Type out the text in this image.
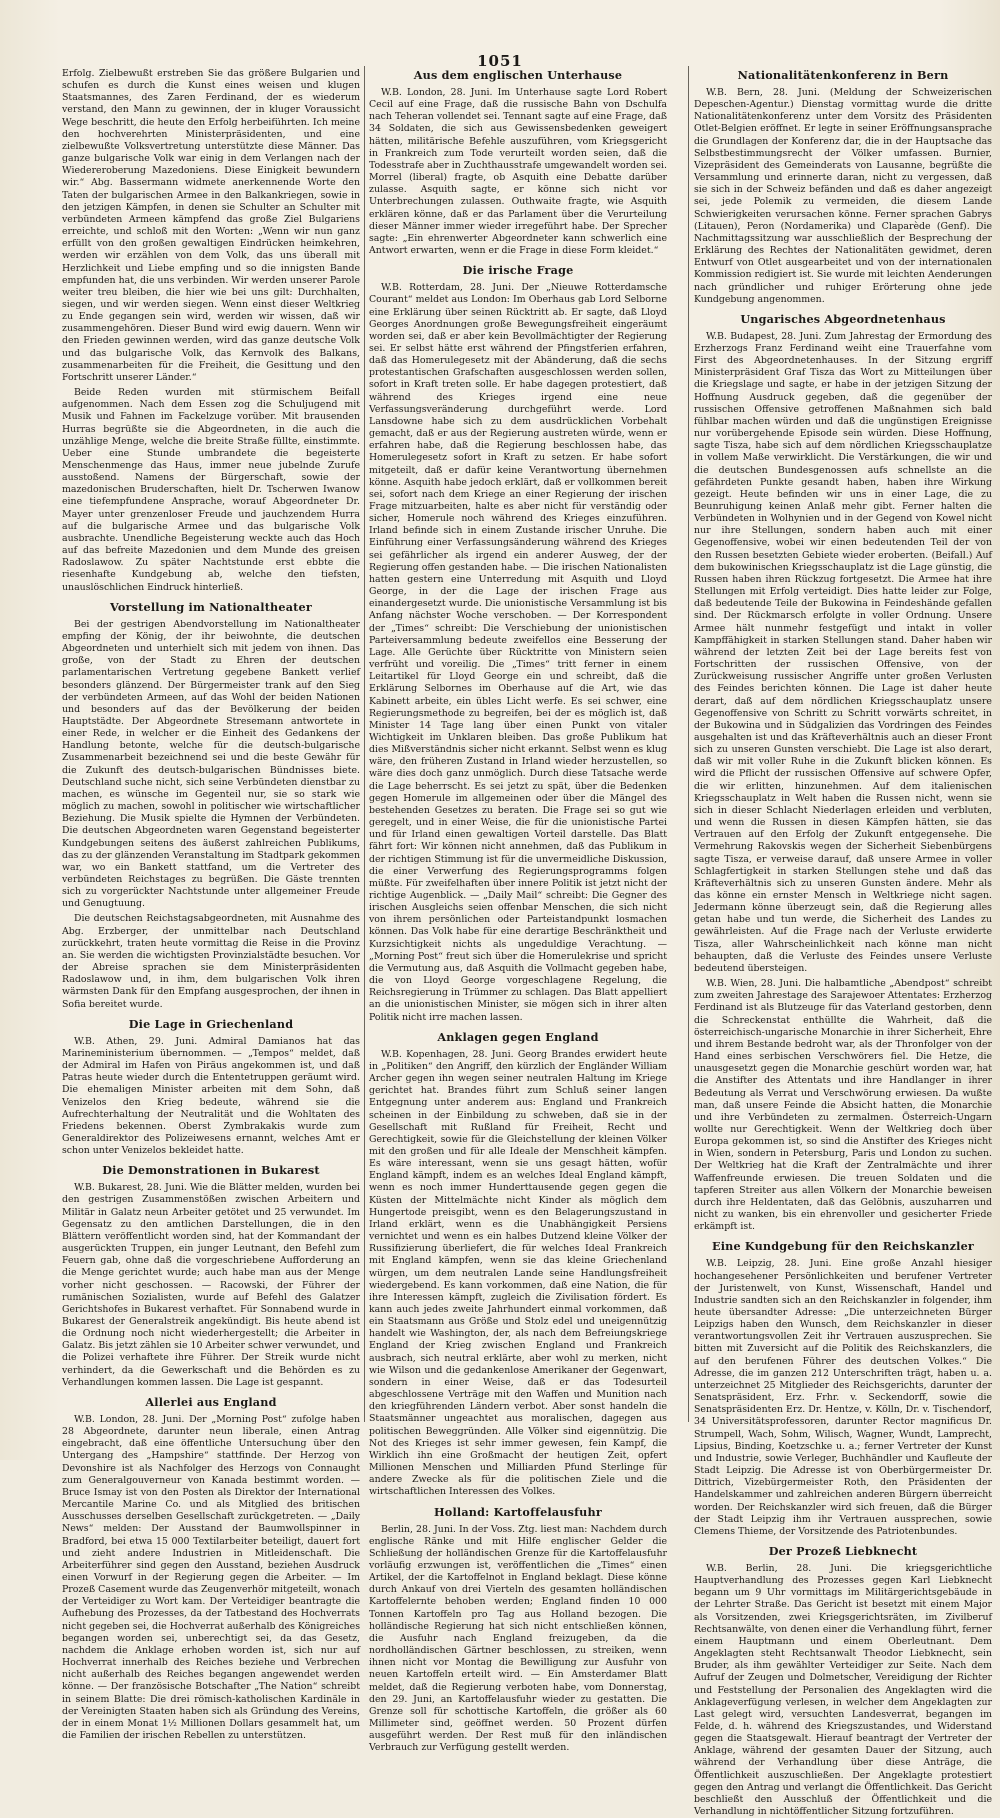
1051

Erfolg. Zielbewußt erstreben Sie das größere Bulgarien und schufen es durch die Kunst eines weisen und klugen Staatsmannes, des Zaren Ferdinand, der es wiederum verstand, den Mann zu gewinnen, der in kluger Voraussicht Wege beschritt, die heute den Erfolg herbeiführten. Ich meine den hochverehrten Ministerpräsidenten, und eine zielbewußte Volksvertretung unterstützte diese Männer. Das ganze bulgarische Volk war einig in dem Verlangen nach der Wiedereroberung Mazedoniens. Diese Einigkeit bewundern wir.“ Abg. Bassermann widmete anerkennende Worte den Taten der bulgarischen Armee in den Balkankriegen, sowie in den jetzigen Kämpfen, in denen sie Schulter an Schulter mit verbündeten Armeen kämpfend das große Ziel Bulgariens erreichte, und schloß mit den Worten: „Wenn wir nun ganz erfüllt von den großen gewaltigen Eindrücken heimkehren, werden wir erzählen von dem Volk, das uns überall mit Herzlichkeit und Liebe empfing und so die innigsten Bande empfunden hat, die uns verbinden. Wir werden unserer Parole weiter treu bleiben, die hier wie bei uns gilt: Durchhalten, siegen, und wir werden siegen. Wenn einst dieser Weltkrieg zu Ende gegangen sein wird, werden wir wissen, daß wir zusammengehören. Dieser Bund wird ewig dauern. Wenn wir den Frieden gewinnen werden, wird das ganze deutsche Volk und das bulgarische Volk, das Kernvolk des Balkans, zusammenarbeiten für die Freiheit, die Gesittung und den Fortschritt unserer Länder.“

Beide Reden wurden mit stürmischem Beifall aufgenommen. Nach dem Essen zog die Schuljugend mit Musik und Fahnen im Fackelzuge vorüber. Mit brausenden Hurras begrüßte sie die Abgeordneten, in die auch die unzählige Menge, welche die breite Straße füllte, einstimmte. Ueber eine Stunde umbrandete die begeisterte Menschenmenge das Haus, immer neue jubelnde Zurufe ausstoßend. Namens der Bürgerschaft, sowie der mazedonischen Bruderschaften, hielt Dr. Tscherwen Iwanow eine tiefempfundene Ansprache, worauf Abgeordneter Dr. Mayer unter grenzenloser Freude und jauchzendem Hurra auf die bulgarische Armee und das bulgarische Volk ausbrachte. Unendliche Begeisterung weckte auch das Hoch auf das befreite Mazedonien und dem Munde des greisen Radoslawow. Zu später Nachtstunde erst ebbte die riesenhafte Kundgebung ab, welche den tiefsten, unauslöschlichen Eindruck hinterließ.

Vorstellung im Nationaltheater

Bei der gestrigen Abendvorstellung im Nationaltheater empfing der König, der ihr beiwohnte, die deutschen Abgeordneten und unterhielt sich mit jedem von ihnen. Das große, von der Stadt zu Ehren der deutschen parlamentarischen Vertretung gegebene Bankett verlief besonders glänzend. Der Bürgermeister trank auf den Sieg der verbündeten Armeen, auf das Wohl der beiden Nationen und besonders auf das der Bevölkerung der beiden Hauptstädte. Der Abgeordnete Stresemann antwortete in einer Rede, in welcher er die Einheit des Gedankens der Handlung betonte, welche für die deutsch-bulgarische Zusammenarbeit bezeichnend sei und die beste Gewähr für die Zukunft des deutsch-bulgarischen Bündnisses biete. Deutschland suche nicht, sich seine Verbündeten dienstbar zu machen, es wünsche im Gegenteil nur, sie so stark wie möglich zu machen, sowohl in politischer wie wirtschaftlicher Beziehung. Die Musik spielte die Hymnen der Verbündeten. Die deutschen Abgeordneten waren Gegenstand begeisterter Kundgebungen seitens des äußerst zahlreichen Publikums, das zu der glänzenden Veranstaltung im Stadtpark gekommen war, wo ein Bankett stattfand, um die Vertreter des verbündeten Reichstages zu begrüßen. Die Gäste trennten sich zu vorgerückter Nachtstunde unter allgemeiner Freude und Genugtuung.

Die deutschen Reichstagsabgeordneten, mit Ausnahme des Abg. Erzberger, der unmittelbar nach Deutschland zurückkehrt, traten heute vormittag die Reise in die Provinz an. Sie werden die wichtigsten Provinzialstädte besuchen. Vor der Abreise sprachen sie dem Ministerpräsidenten Radoslawow und, in ihm, dem bulgarischen Volk ihren wärmsten Dank für den Empfang ausgesprochen, der ihnen in Sofia bereitet wurde.

Die Lage in Griechenland

W.B. Athen, 29. Juni. Admiral Damianos hat das Marineministerium übernommen. — „Tempos“ meldet, daß der Admiral im Hafen von Piräus angekommen ist, und daß Patras heute wieder durch die Ententetruppen geräumt wird. Die ehemaligen Minister arbeiten mit dem Sohn, daß Venizelos den Krieg bedeute, während sie die Aufrechterhaltung der Neutralität und die Wohltaten des Friedens bekennen. Oberst Zymbrakakis wurde zum Generaldirektor des Polizeiwesens ernannt, welches Amt er schon unter Venizelos bekleidet hatte.

Die Demonstrationen in Bukarest

W.B. Bukarest, 28. Juni. Wie die Blätter melden, wurden bei den gestrigen Zusammenstößen zwischen Arbeitern und Militär in Galatz neun Arbeiter getötet und 25 verwundet. Im Gegensatz zu den amtlichen Darstellungen, die in den Blättern veröffentlicht worden sind, hat der Kommandant der ausgerückten Truppen, ein junger Leutnant, den Befehl zum Feuern gab, ohne daß die vorgeschriebene Aufforderung an die Menge gerichtet wurde; auch habe man aus der Menge vorher nicht geschossen. — Racowski, der Führer der rumänischen Sozialisten, wurde auf Befehl des Galatzer Gerichtshofes in Bukarest verhaftet. Für Sonnabend wurde in Bukarest der Generalstreik angekündigt. Bis heute abend ist die Ordnung noch nicht wiederhergestellt; die Arbeiter in Galatz. Bis jetzt zählen sie 10 Arbeiter schwer verwundet, und die Polizei verhaftete ihre Führer. Der Streik wurde nicht verhindert, da die Gewerkschaft und die Behörden es zu Verhandlungen kommen lassen. Die Lage ist gespannt.

Allerlei aus England

W.B. London, 28. Juni. Der „Morning Post“ zufolge haben 28 Abgeordnete, darunter neun liberale, einen Antrag eingebracht, daß eine öffentliche Untersuchung über den Untergang des „Hampshire“ stattfinde. Der Herzog von Devonshire ist als Nachfolger des Herzogs von Connaught zum Generalgouverneur von Kanada bestimmt worden. — Bruce Ismay ist von den Posten als Direktor der International Mercantile Marine Co. und als Mitglied des britischen Ausschusses derselben Gesellschaft zurückgetreten. — „Daily News“ melden: Der Ausstand der Baumwollspinner in Bradford, bei etwa 15 000 Textilarbeiter beteiligt, dauert fort und zieht andere Industrien in Mitleidenschaft. Die Arbeiterführer sind gegen den Ausstand, beziehen Ausdruck einen Vorwurf in der Regierung gegen die Arbeiter. — Im Prozeß Casement wurde das Zeugenverhör mitgeteilt, wonach der Verteidiger zu Wort kam. Der Verteidiger beantragte die Aufhebung des Prozesses, da der Tatbestand des Hochverrats nicht gegeben sei, die Hochverrat außerhalb des Königreiches begangen worden sei, unberechtigt sei, da das Gesetz, nachdem die Anklage erhoben worden ist, sich nur auf Hochverrat innerhalb des Reiches beziehe und Verbrechen nicht außerhalb des Reiches begangen angewendet werden könne. — Der französische Botschafter „The Nation“ schreibt in seinem Blatte: Die drei römisch-katholischen Kardinäle in der Vereinigten Staaten haben sich als Gründung des Vereins, der in einem Monat 1½ Millionen Dollars gesammelt hat, um die Familien der irischen Rebellen zu unterstützen.

Aus dem englischen Unterhause

W.B. London, 28. Juni. Im Unterhause sagte Lord Robert Cecil auf eine Frage, daß die russische Bahn von Dschulfa nach Teheran vollendet sei. Tennant sagte auf eine Frage, daß 34 Soldaten, die sich aus Gewissensbedenken geweigert hätten, militärische Befehle auszuführen, vom Kriegsgericht in Frankreich zum Tode verurteilt worden seien, daß die Todesstrafe aber in Zuchthausstrafe umgewandelt worden sei. Morrel (liberal) fragte, ob Asquith eine Debatte darüber zulasse. Asquith sagte, er könne sich nicht vor Unterbrechungen zulassen. Outhwaite fragte, wie Asquith erklären könne, daß er das Parlament über die Verurteilung dieser Männer immer wieder irregeführt habe. Der Sprecher sagte: „Ein ehrenwerter Abgeordneter kann schwerlich eine Antwort erwarten, wenn er die Frage in diese Form kleidet.“

Die irische Frage

W.B. Rotterdam, 28. Juni. Der „Nieuwe Rotterdamsche Courant“ meldet aus London: Im Oberhaus gab Lord Selborne eine Erklärung über seinen Rücktritt ab. Er sagte, daß Lloyd Georges Anordnungen große Bewegungsfreiheit eingeräumt worden sei, daß er aber kein Bevollmächtigter der Regierung sei. Er selbst hätte erst während der Pfingstferien erfahren, daß das Homerulegesetz mit der Abänderung, daß die sechs protestantischen Grafschaften ausgeschlossen werden sollen, sofort in Kraft treten solle. Er habe dagegen protestiert, daß während des Krieges irgend eine neue Verfassungsveränderung durchgeführt werde. Lord Lansdowne habe sich zu dem ausdrücklichen Vorbehalt gemacht, daß er aus der Regierung austreten würde, wenn er erfahren habe, daß die Regierung beschlossen habe, das Homerulegesetz sofort in Kraft zu setzen. Er habe sofort mitgeteilt, daß er dafür keine Verantwortung übernehmen könne. Asquith habe jedoch erklärt, daß er vollkommen bereit sei, sofort nach dem Kriege an einer Regierung der irischen Frage mitzuarbeiten, halte es aber nicht für verständig oder sicher, Homerule noch während des Krieges einzuführen. Irland befinde sich in einem Zustande irischer Unruhe. Die Einführung einer Verfassungsänderung während des Krieges sei gefährlicher als irgend ein anderer Ausweg, der der Regierung offen gestanden habe. — Die irischen Nationalisten hatten gestern eine Unterredung mit Asquith und Lloyd George, in der die Lage der irischen Frage aus einandergesetzt wurde. Die unionistische Versammlung ist bis Anfang nächster Woche verschoben. — Der Korrespondent der „Times“ schreibt: Die Verschiebung der unionistischen Parteiversammlung bedeute zweifellos eine Besserung der Lage. Alle Gerüchte über Rücktritte von Ministern seien verfrüht und voreilig. Die „Times“ tritt ferner in einem Leitartikel für Lloyd George ein und schreibt, daß die Erklärung Selbornes im Oberhause auf die Art, wie das Kabinett arbeite, ein übles Licht werfe. Es sei schwer, eine Regierungsmethode zu begreifen, bei der es möglich ist, daß Minister 14 Tage lang über einen Punkt von vitaler Wichtigkeit im Unklaren bleiben. Das große Publikum hat dies Mißverständnis sicher nicht erkannt. Selbst wenn es klug wäre, den früheren Zustand in Irland wieder herzustellen, so wäre dies doch ganz unmöglich. Durch diese Tatsache werde die Lage beherrscht. Es sei jetzt zu spät, über die Bedenken gegen Homerule im allgemeinen oder über die Mängel des bestehenden Gesetzes zu beraten. Die Frage sei so gut wie geregelt, und in einer Weise, die für die unionistische Partei und für Irland einen gewaltigen Vorteil darstelle. Das Blatt fährt fort: Wir können nicht annehmen, daß das Publikum in der richtigen Stimmung ist für die unvermeidliche Diskussion, die einer Verwerfung des Regierungsprogramms folgen müßte. Für zweifelhaften über innere Politik ist jetzt nicht der richtige Augenblick. — „Daily Mail“ schreibt: Die Gegner des irischen Ausgleichs seien offenbar Menschen, die sich nicht von ihrem persönlichen oder Parteistandpunkt losmachen können. Das Volk habe für eine derartige Beschränktheit und Kurzsichtigkeit nichts als ungeduldige Verachtung. — „Morning Post“ freut sich über die Homerulekrise und spricht die Vermutung aus, daß Asquith die Vollmacht gegeben habe, die von Lloyd George vorgeschlagene Regelung, die Reichsregierung in Trümmer zu schlagen. Das Blatt appelliert an die unionistischen Minister, sie mögen sich in ihrer alten Politik nicht irre machen lassen.

Anklagen gegen England

W.B. Kopenhagen, 28. Juni. Georg Brandes erwidert heute in „Politiken“ den Angriff, den kürzlich der Engländer William Archer gegen ihn wegen seiner neutralen Haltung im Kriege gerichtet hat. Brandes führt zum Schluß seiner langen Entgegnung unter anderem aus: England und Frankreich scheinen in der Einbildung zu schweben, daß sie in der Gesellschaft mit Rußland für Freiheit, Recht und Gerechtigkeit, sowie für die Gleichstellung der kleinen Völker mit den großen und für alle Ideale der Menschheit kämpfen. Es wäre interessant, wenn sie uns gesagt hätten, wofür England kämpft, indem es an welches Ideal England kämpft, wenn es noch immer Hunderttausende gegen gegen die Küsten der Mittelmächte nicht Kinder als möglich dem Hungertode preisgibt, wenn es den Belagerungszustand in Irland erklärt, wenn es die Unabhängigkeit Persiens vernichtet und wenn es ein halbes Dutzend kleine Völker der Russifizierung überliefert, die für welches Ideal Frankreich mit England kämpfen, wenn sie das kleine Griechenland würgen, um dem neutralen Lande seine Handlungsfreiheit wiedergebend. Es kann vorkommen, daß eine Nation, die für ihre Interessen kämpft, zugleich die Zivilisation fördert. Es kann auch jedes zweite Jahrhundert einmal vorkommen, daß ein Staatsmann aus Größe und Stolz edel und uneigennützig handelt wie Washington, der, als nach dem Befreiungskriege England der Krieg zwischen England und Frankreich ausbrach, sich neutral erklärte, aber wohl zu merken, nicht wie Wilson und die gedankenlose Amerikaner der Gegenwart, sondern in einer Weise, daß er das Todesurteil abgeschlossene Verträge mit den Waffen und Munition nach den kriegführenden Ländern verbot. Aber sonst handeln die Staatsmänner ungeachtet aus moralischen, dagegen aus politischen Beweggründen. Alle Völker sind eigennützig. Die Not des Krieges ist sehr immer gewesen, fein Kampf, die Wirklich ihn eine Großmacht der heutigen Zeit, opfert Millionen Menschen und Milliarden Pfund Sterlinge für andere Zwecke als für die politischen Ziele und die wirtschaftlichen Interessen des Volkes.

Holland: Kartoffelausfuhr

Berlin, 28. Juni. In der Voss. Ztg. liest man: Nachdem durch englische Ränke und mit Hilfe englischer Gelder die Schließung der holländischen Grenze für die Kartoffelausfuhr vorläufig erzwungen ist, veröffentlichen die „Times“ einen Artikel, der die Kartoffelnot in England beklagt. Diese könne durch Ankauf von drei Vierteln des gesamten holländischen Kartoffelernte behoben werden; England finden 10 000 Tonnen Kartoffeln pro Tag aus Holland bezogen. Die holländische Regierung hat sich nicht entschließen können, die Ausfuhr nach England freizugeben, da die nordholländischen Gärtner beschlossen, zu streiken, wenn ihnen nicht vor Montag die Bewilligung zur Ausfuhr von neuen Kartoffeln erteilt wird. — Ein Amsterdamer Blatt meldet, daß die Regierung verboten habe, vom Donnerstag, den 29. Juni, an Kartoffelausfuhr wieder zu gestatten. Die Grenze soll für schottische Kartoffeln, die größer als 60 Millimeter sind, geöffnet werden. 50 Prozent dürfen ausgeführt werden. Der Rest muß für den inländischen Verbrauch zur Verfügung gestellt werden.

Nationalitätenkonferenz in Bern

W.B. Bern, 28. Juni. (Meldung der Schweizerischen Depeschen-Agentur.) Dienstag vormittag wurde die dritte Nationalitätenkonferenz unter dem Vorsitz des Präsidenten Otlet-Belgien eröffnet. Er legte in seiner Eröffnungsansprache die Grundlagen der Konferenz dar, die in der Hauptsache das Selbstbestimmungsrecht der Völker umfassen. Burnier, Vizepräsident des Gemeinderats von Lausanne, begrüßte die Versammlung und erinnerte daran, nicht zu vergessen, daß sie sich in der Schweiz befänden und daß es daher angezeigt sei, jede Polemik zu vermeiden, die diesem Lande Schwierigkeiten verursachen könne. Ferner sprachen Gabrys (Litauen), Peron (Nordamerika) und Claparède (Genf). Die Nachmittagssitzung war ausschließlich der Besprechung der Erklärung des Rechtes der Nationalitäten gewidmet, deren Entwurf von Otlet ausgearbeitet und von der internationalen Kommission redigiert ist. Sie wurde mit leichten Aenderungen nach gründlicher und ruhiger Erörterung ohne jede Kundgebung angenommen.

Ungarisches Abgeordnetenhaus

W.B. Budapest, 28. Juni. Zum Jahrestag der Ermordung des Erzherzogs Franz Ferdinand weiht eine Trauerfahne vom First des Abgeordnetenhauses. In der Sitzung ergriff Ministerpräsident Graf Tisza das Wort zu Mitteilungen über die Kriegslage und sagte, er habe in der jetzigen Sitzung der Hoffnung Ausdruck gegeben, daß die gegenüber der russischen Offensive getroffenen Maßnahmen sich bald fühlbar machen würden und daß die ungünstigen Ereignisse nur vorübergehende Episode sein würden. Diese Hoffnung, sagte Tisza, habe sich auf dem nördlichen Kriegsschauplatze in vollem Maße verwirklicht. Die Verstärkungen, die wir und die deutschen Bundesgenossen aufs schnellste an die gefährdeten Punkte gesandt haben, haben ihre Wirkung gezeigt. Heute befinden wir uns in einer Lage, die zu Beunruhigung keinen Anlaß mehr gibt. Ferner halten die Verbündeten in Wolhynien und in der Gegend von Kowel nicht nur ihre Stellungen, sondern haben auch mit einer Gegenoffensive, wobei wir einen bedeutenden Teil der von den Russen besetzten Gebiete wieder eroberten. (Beifall.) Auf dem bukowinischen Kriegsschauplatz ist die Lage günstig, die Russen haben ihren Rückzug fortgesetzt. Die Armee hat ihre Stellungen mit Erfolg verteidigt. Dies hatte leider zur Folge, daß bedeutende Teile der Bukowina in Feindeshände gefallen sind. Der Rückmarsch erfolgte in voller Ordnung. Unsere Armee hält nunmehr festgefügt und intakt in voller Kampffähigkeit in starken Stellungen stand. Daher haben wir während der letzten Zeit bei der Lage bereits fest von Fortschritten der russischen Offensive, von der Zurückweisung russischer Angriffe unter großen Verlusten des Feindes berichten können. Die Lage ist daher heute derart, daß auf dem nördlichen Kriegsschauplatz unsere Gegenoffensive von Schritt zu Schritt vorwärts schreitet, in der Bukowina und in Südgalizien das Vordringen des Feindes ausgehalten ist und das Kräfteverhältnis auch an dieser Front sich zu unseren Gunsten verschiebt. Die Lage ist also derart, daß wir mit voller Ruhe in die Zukunft blicken können. Es wird die Pflicht der russischen Offensive auf schwere Opfer, die wir erlitten, hinzunehmen. Auf dem italienischen Kriegsschauplatz in Welt haben die Russen nicht, wenn sie sich in dieser Schlacht Niederlagen erleiden und verbluten, und wenn die Russen in diesen Kämpfen hätten, sie das Vertrauen auf den Erfolg der Zukunft entgegensehe. Die Vermehrung Rakovskis wegen der Sicherheit Siebenbürgens sagte Tisza, er verweise darauf, daß unsere Armee in voller Schlagfertigkeit in starken Stellungen stehe und daß das Kräfteverhältnis sich zu unseren Gunsten ändere. Mehr als das könne ein ernster Mensch in Weltkriege nicht sagen. Jedermann könne überzeugt sein, daß die Regierung alles getan habe und tun werde, die Sicherheit des Landes zu gewährleisten. Auf die Frage nach der Verluste erwiderte Tisza, aller Wahrscheinlichkeit nach könne man nicht behaupten, daß die Verluste des Feindes unsere Verluste bedeutend übersteigen.

W.B. Wien, 28. Juni. Die halbamtliche „Abendpost“ schreibt zum zweiten Jahrestage des Sarajewoer Attentates: Erzherzog Ferdinand ist als Blutzeuge für das Vaterland gestorben, denn die Schreckenstat enthüllte die Wahrheit, daß die österreichisch-ungarische Monarchie in ihrer Sicherheit, Ehre und ihrem Bestande bedroht war, als der Thronfolger von der Hand eines serbischen Verschwörers fiel. Die Hetze, die unausgesetzt gegen die Monarchie geschürt worden war, hat die Anstifter des Attentats und ihre Handlanger in ihrer Bedeutung als Verrat und Verschwörung erwiesen. Da wußte man, daß unsere Feinde die Absicht hatten, die Monarchie und ihre Verbündeten zu zermalmen. Österreich-Ungarn wollte nur Gerechtigkeit. Wenn der Weltkrieg doch über Europa gekommen ist, so sind die Anstifter des Krieges nicht in Wien, sondern in Petersburg, Paris und London zu suchen. Der Weltkrieg hat die Kraft der Zentralmächte und ihrer Waffenfreunde erwiesen. Die treuen Soldaten und die tapferen Streiter aus allen Völkern der Monarchie beweisen durch ihre Heldentaten, daß das Gelöbnis, auszuharren und nicht zu wanken, bis ein ehrenvoller und gesicherter Friede erkämpft ist.

Eine Kundgebung für den Reichskanzler

W.B. Leipzig, 28. Juni. Eine große Anzahl hiesiger hochangesehener Persönlichkeiten und berufener Vertreter der Juristenwelt, von Kunst, Wissenschaft, Handel und Industrie sandten sich an den Reichskanzler in folgender, ihm heute übersandter Adresse: „Die unterzeichneten Bürger Leipzigs haben den Wunsch, dem Reichskanzler in dieser verantwortungsvollen Zeit ihr Vertrauen auszusprechen. Sie bitten mit Zuversicht auf die Politik des Reichskanzlers, die auf den berufenen Führer des deutschen Volkes.“ Die Adresse, die im ganzen 212 Unterschriften trägt, haben u. a. unterzeichnet 25 Mitglieder des Reichsgerichts, darunter der Senatspräsident, Erz. Frhr. v. Seckendorff, sowie die Senatspräsidenten Erz. Dr. Hentze, v. Kölln, Dr. v. Tischendorf, 34 Universitätsprofessoren, darunter Rector magnificus Dr. Strumpell, Wach, Sohm, Wilisch, Wagner, Wundt, Lamprecht, Lipsius, Binding, Koetzschke u. a.; ferner Vertreter der Kunst und Industrie, sowie Verleger, Buchhändler und Kaufleute der Stadt Leipzig. Die Adresse ist von Oberbürgermeister Dr. Dittrich, Vizebürgermeister Roth, den Präsidenten der Handelskammer und zahlreichen anderen Bürgern überreicht worden. Der Reichskanzler wird sich freuen, daß die Bürger der Stadt Leipzig ihm ihr Vertrauen aussprechen, sowie Clemens Thieme, der Vorsitzende des Patriotenbundes.

Der Prozeß Liebknecht

W.B. Berlin, 28. Juni. Die kriegsgerichtliche Hauptverhandlung des Prozesses gegen Karl Liebknecht begann um 9 Uhr vormittags im Militärgerichtsgebäude in der Lehrter Straße. Das Gericht ist besetzt mit einem Major als Vorsitzenden, zwei Kriegsgerichtsräten, im Zivilberuf Rechtsanwälte, von denen einer die Verhandlung führt, ferner einem Hauptmann und einem Oberleutnant. Dem Angeklagten steht Rechtsanwalt Theodor Liebknecht, sein Bruder, als ihm gewählter Verteidiger zur Seite. Nach dem Aufruf der Zeugen und Dolmetscher, Vereidigung der Richter und Feststellung der Personalien des Angeklagten wird die Anklageverfügung verlesen, in welcher dem Angeklagten zur Last gelegt wird, versuchten Landesverrat, begangen im Felde, d. h. während des Kriegszustandes, und Widerstand gegen die Staatsgewalt. Hierauf beantragt der Vertreter der Anklage, während der gesamten Dauer der Sitzung, auch während der Verhandlung über diese Anträge, die Öffentlichkeit auszuschließen. Der Angeklagte protestiert gegen den Antrag und verlangt die Öffentlichkeit. Das Gericht beschließt den Ausschluß der Öffentlichkeit und die Verhandlung in nichtöffentlicher Sitzung fortzuführen.
